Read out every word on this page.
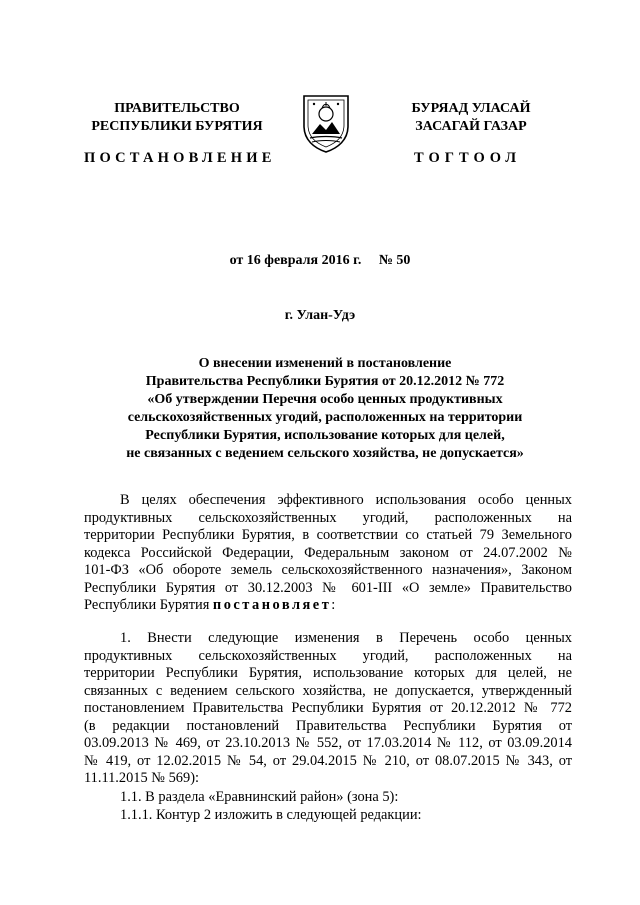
ПРАВИТЕЛЬСТВО
РЕСПУБЛИКИ БУРЯТИЯ
БУРЯАД УЛАСАЙ
ЗАСАГАЙ ГАЗАР
ПОСТАНОВЛЕНИЕ	ТОГТООЛ
от 16 февраля 2016 г.     № 50
г. Улан-Удэ
О внесении изменений в постановление
Правительства Республики Бурятия от 20.12.2012 № 772
«Об утверждении Перечня особо ценных продуктивных
сельскохозяйственных угодий, расположенных на территории
Республики Бурятия, использование которых для целей,
не связанных с ведением сельского хозяйства, не допускается»
В целях обеспечения эффективного использования особо ценных
продуктивных сельскохозяйственных угодий, расположенных на
территории Республики Бурятия, в соответствии со статьей 79 Земельного
кодекса Российской Федерации, Федеральным законом от 24.07.2002 №
101-ФЗ «Об обороте земель сельскохозяйственного назначения», Законом
Республики Бурятия от 30.12.2003 № 601-III «О земле» Правительство
Республики Бурятия постановляет:
1. Внести следующие изменения в Перечень особо ценных
продуктивных сельскохозяйственных угодий, расположенных на
территории Республики Бурятия, использование которых для целей, не
связанных с ведением сельского хозяйства, не допускается, утвержденный
постановлением Правительства Республики Бурятия от 20.12.2012 № 772
(в редакции постановлений Правительства Республики Бурятия от
03.09.2013 № 469, от 23.10.2013 № 552, от 17.03.2014 № 112, от 03.09.2014
№ 419, от 12.02.2015 № 54, от 29.04.2015 № 210, от 08.07.2015 № 343, от
11.11.2015 № 569):
1.1. В раздела «Еравнинский район» (зона 5):
1.1.1. Контур 2 изложить в следующей редакции:
